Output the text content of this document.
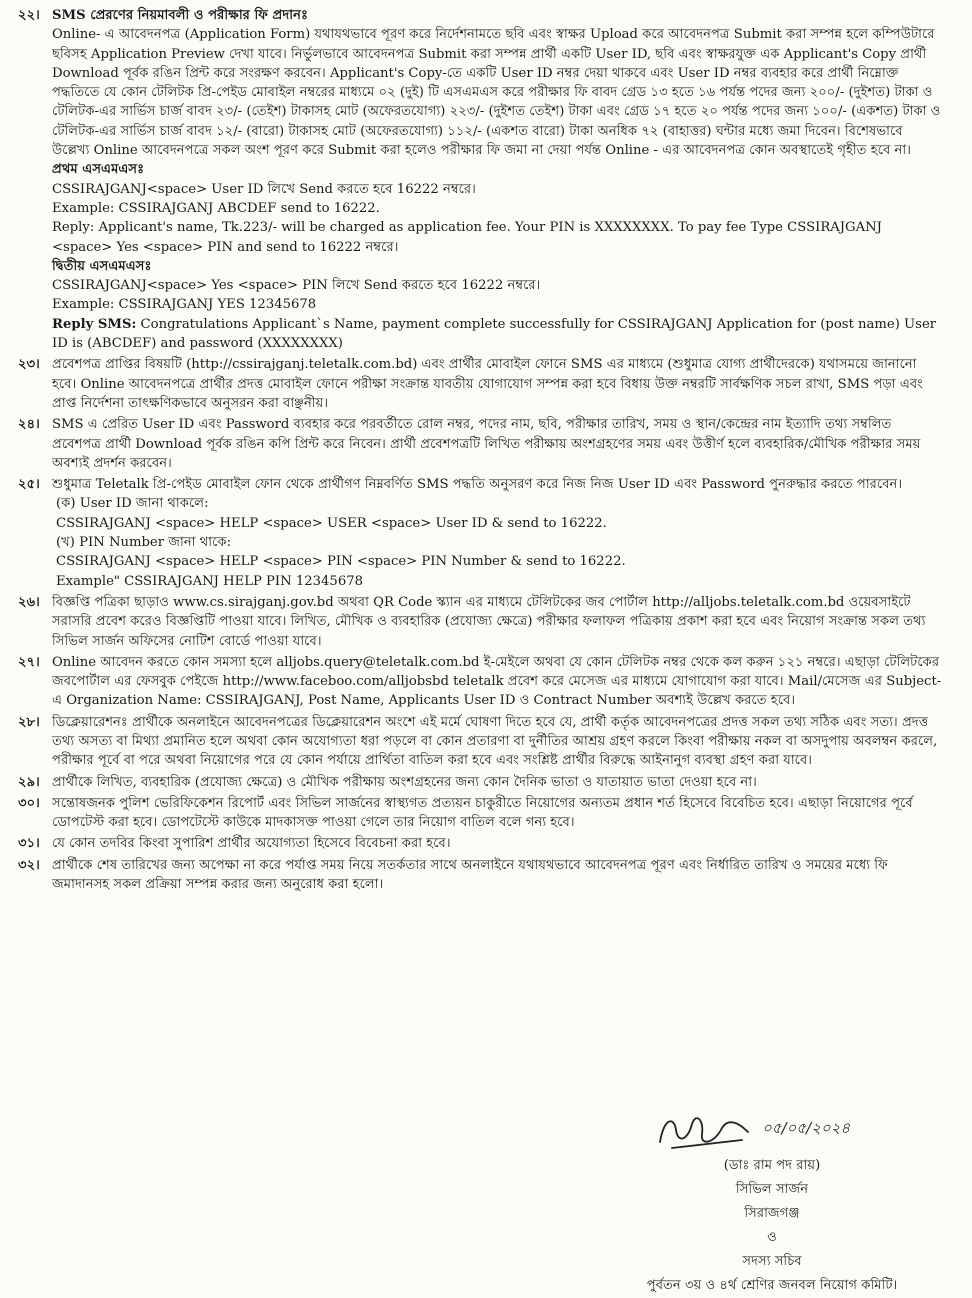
২২। SMS প্রেরণের নিয়মাবলী ও পরীক্ষার ফি প্রদানঃ

Online- এ আবেদনপত্র (Application Form) যথাযথভাবে পূরণ করে নির্দেশনামতে ছবি এবং স্বাক্ষর Upload করে আবেদনপত্র Submit করা সম্পন্ন হলে কম্পিউটারে ছবিসহ Application Preview দেখা যাবে। নির্ভুলভাবে আবেদনপত্র Submit করা সম্পন্ন প্রার্থী একটি User ID, ছবি এবং স্বাক্ষরযুক্ত এক Applicant's Copy প্রার্থী Download পূর্বক রঙিন প্রিন্ট করে সংরক্ষণ করবেন। Applicant's Copy-তে একটি User ID নম্বর দেয়া থাকবে এবং User ID নম্বর ব্যবহার করে প্রার্থী নিম্নোক্ত পদ্ধতিতে যে কোন টেলিটক প্রি-পেইড মোবাইল নম্বরের মাধ্যমে ০২ (দুই) টি এসএমএস করে পরীক্ষার ফি বাবদ গ্রেড ১৩ হতে ১৬ পর্যন্ত পদের জন্য ২০০/- (দুইশত) টাকা ও টেলিটক-এর সার্ভিস চার্জ বাবদ ২৩/- (তেইশ) টাকাসহ মোট (অফেরতযোগ্য) ২২৩/- (দুইশত তেইশ) টাকা এবং গ্রেড ১৭ হতে ২০ পর্যন্ত পদের জন্য ১০০/- (একশত) টাকা ও টেলিটক-এর সার্ভিস চার্জ বাবদ ১২/- (বারো) টাকাসহ মোট (অফেরতযোগ্য) ১১২/- (একশত বারো) টাকা অনধিক ৭২ (বাহাত্তর) ঘন্টার মধ্যে জমা দিবেন। বিশেষভাবে উল্লেখ্য Online আবেদনপত্রে সকল অংশ পূরণ করে Submit করা হলেও পরীক্ষার ফি জমা না দেয়া পর্যন্ত Online - এর আবেদনপত্র কোন অবস্থাতেই গৃহীত হবে না।

প্রথম এসএমএসঃ

CSSIRAJGANJ<space> User ID লিখে Send করতে হবে 16222 নম্বরে।

Example: CSSIRAJGANJ ABCDEF send to 16222.

Reply: Applicant's name, Tk.223/- will be charged as application fee. Your PIN is XXXXXXXX. To pay fee Type CSSIRAJGANJ <space> Yes <space> PIN and send to 16222 নম্বরে।

দ্বিতীয় এসএমএসঃ

CSSIRAJGANJ<space> Yes <space> PIN লিখে Send করতে হবে 16222 নম্বরে।

Example: CSSIRAJGANJ YES 12345678

Reply SMS: Congratulations Applicant`s Name, payment complete successfully for CSSIRAJGANJ Application for (post name) User ID is (ABCDEF) and password (XXXXXXXX)

২৩। প্রবেশপত্র প্রাপ্তির বিষয়টি (http://cssirajganj.teletalk.com.bd) এবং প্রার্থীর মোবাইল ফোনে SMS এর মাধ্যমে (শুধুমাত্র যোগ্য প্রার্থীদেরকে) যথাসময়ে জানানো হবে। Online আবেদনপত্রে প্রার্থীর প্রদত্ত মোবাইল ফোনে পরীক্ষা সংক্রান্ত যাবতীয় যোগাযোগ সম্পন্ন করা হবে বিধায় উক্ত নম্বরটি সার্বক্ষণিক সচল রাখা, SMS পড়া এবং প্রাপ্ত নির্দেশনা তাৎক্ষণিকভাবে অনুসরন করা বাঞ্ছনীয়।

২৪। SMS এ প্রেরিত User ID এবং Password ব্যবহার করে পরবর্তীতে রোল নম্বর, পদের নাম, ছবি, পরীক্ষার তারিখ, সময় ও স্থান/কেন্দ্রের নাম ইত্যাদি তথ্য সম্বলিত প্রবেশপত্র প্রার্থী Download পূর্বক রঙিন কপি প্রিন্ট করে নিবেন। প্রার্থী প্রবেশপত্রটি লিখিত পরীক্ষায় অংশগ্রহণের সময় এবং উত্তীর্ণ হলে ব্যবহারিক/মৌখিক পরীক্ষার সময় অবশ্যই প্রদর্শন করবেন।

২৫। শুধুমাত্র Teletalk প্রি-পেইড মোবাইল ফোন থেকে প্রার্থীগণ নিম্নবর্ণিত SMS পদ্ধতি অনুসরণ করে নিজ নিজ User ID এবং Password পুনরুদ্ধার করতে পারবেন।

(ক) User ID জানা থাকলে:

CSSIRAJGANJ <space> HELP <space> USER <space> User ID & send to 16222.

(খ) PIN Number জানা থাকে:

CSSIRAJGANJ <space> HELP <space> PIN <space> PIN Number & send to 16222.

Example" CSSIRAJGANJ HELP PIN 12345678

২৬। বিজ্ঞপ্তি পত্রিকা ছাড়াও www.cs.sirajganj.gov.bd অথবা QR Code স্ক্যান এর মাধ্যমে টেলিটকের জব পোর্টাল http://alljobs.teletalk.com.bd ওয়েবসাইটে সরাসরি প্রবেশ করেও বিজ্ঞপ্তিটি পাওয়া যাবে। লিখিত, মৌখিক ও ব্যবহারিক (প্রযোজ্য ক্ষেত্রে) পরীক্ষার ফলাফল পত্রিকায় প্রকাশ করা হবে এবং নিয়োগ সংক্রান্ত সকল তথ্য সিভিল সার্জন অফিসের নোটিশ বোর্ডে পাওয়া যাবে।

২৭। Online আবেদন করতে কোন সমস্যা হলে alljobs.query@teletalk.com.bd ই-মেইলে অথবা যে কোন টেলিটক নম্বর থেকে কল করুন ১২১ নম্বরে। এছাড়া টেলিটকের জবপোর্টাল এর ফেসবুক পেইজে http://www.faceboo.com/alljobsbd teletalk প্রবেশ করে মেসেজ এর মাধ্যমে যোগাযোগ করা যাবে। Mail/মেসেজ এর Subject- এ Organization Name: CSSIRAJGANJ, Post Name, Applicants User ID ও Contract Number অবশ্যই উল্লেখ করতে হবে।

২৮। ডিক্লেয়ারেশনঃ প্রার্থীকে অনলাইনে আবেদনপত্রের ডিক্লেয়ারেশন অংশে এই মর্মে ঘোষণা দিতে হবে যে, প্রার্থী কর্তৃক আবেদনপত্রের প্রদত্ত সকল তথ্য সঠিক এবং সত্য। প্রদত্ত তথ্য অসত্য বা মিথ্যা প্রমানিত হলে অথবা কোন অযোগ্যতা ধরা পড়লে বা কোন প্রতারণা বা দুর্নীতির আশ্রয় গ্রহণ করলে কিংবা পরীক্ষায় নকল বা অসদুপায় অবলম্বন করলে, পরীক্ষার পূর্বে বা পরে অথবা নিয়োগের পরে যে কোন পর্যায়ে প্রার্থিতা বাতিল করা হবে এবং সংশ্লিষ্ট প্রার্থীর বিরুদ্ধে আইনানুগ ব্যবস্থা গ্রহণ করা যাবে।

২৯। প্রার্থীকে লিখিত, ব্যবহারিক (প্রযোজ্য ক্ষেত্রে) ও মৌখিক পরীক্ষায় অংশগ্রহনের জন্য কোন দৈনিক ভাতা ও যাতায়াত ভাতা দেওয়া হবে না।

৩০। সন্তোষজনক পুলিশ ভেরিফিকেশন রিপোর্ট এবং সিভিল সার্জনের স্বাস্থ্যগত প্রত্যয়ন চাকুরীতে নিয়োগের অন্যতম প্রধান শর্ত হিসেবে বিবেচিত হবে। এছাড়া নিয়োগের পূর্বে ডোপটেস্ট করা হবে। ডোপটেস্টে কাউকে মাদকাসক্ত পাওয়া গেলে তার নিয়োগ বাতিল বলে গন্য হবে।

৩১। যে কোন তদবির কিংবা সুপারিশ প্রার্থীর অযোগ্যতা হিসেবে বিবেচনা করা হবে।

৩২। প্রার্থীকে শেষ তারিখের জন্য অপেক্ষা না করে পর্যাপ্ত সময় নিয়ে সতর্কতার সাথে অনলাইনে যথাযথভাবে আবেদনপত্র পূরণ এবং নির্ধারিত তারিখ ও সময়ের মধ্যে ফি জমাদানসহ সকল প্রক্রিয়া সম্পন্ন করার জন্য অনুরোধ করা হলো।

০৫/০৫/২০২৪
(ডাঃ রাম পদ রায়)
সিভিল সার্জন
সিরাজগঞ্জ
ও
সদস্য সচিব
পুর্বতন ৩য় ও ৪র্থ শ্রেণির জনবল নিয়োগ কমিটি।
